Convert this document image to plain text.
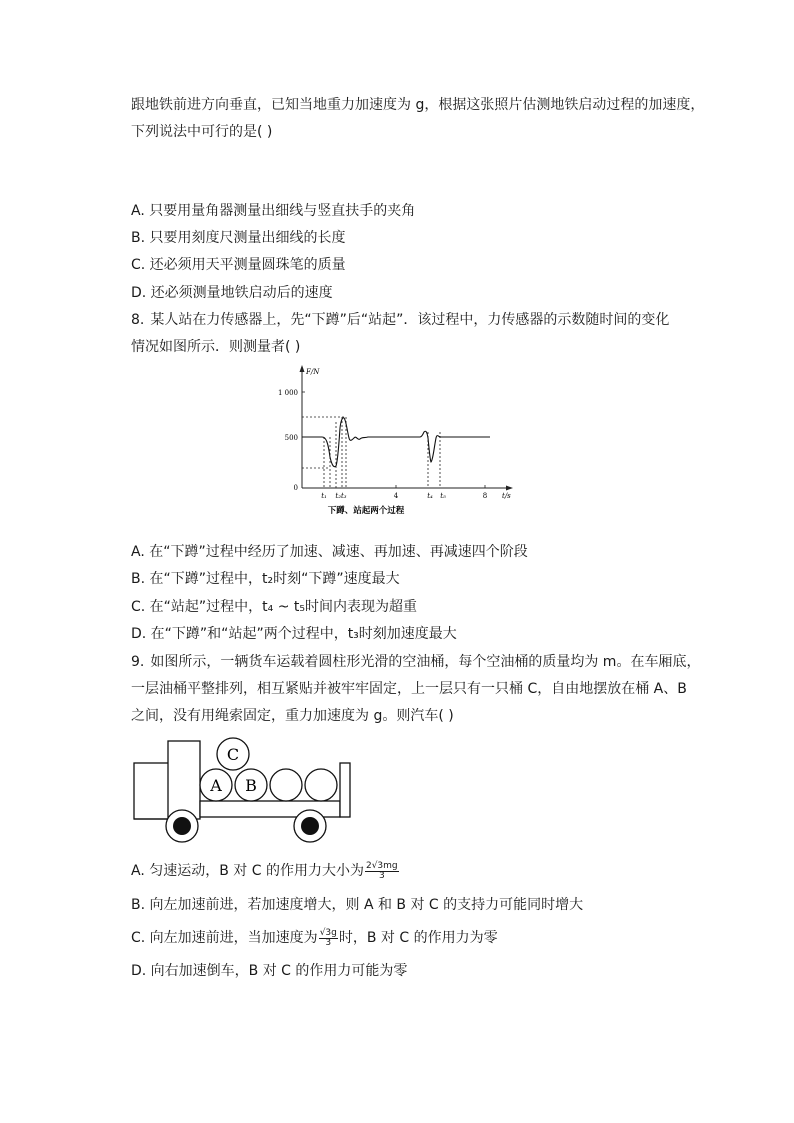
跟地铁前进方向垂直，已知当地重力加速度为 g，根据这张照片估测地铁启动过程的加速度，
下列说法中可行的是( )
A. 只要用量角器测量出细线与竖直扶手的夹角
B. 只要用刻度尺测量出细线的长度
C. 还必须用天平测量圆珠笔的质量
D. 还必须测量地铁启动后的速度
8. 某人站在力传感器上，先“下蹲”后“站起”．该过程中，力传感器的示数随时间的变化
情况如图所示．则测量者( )
F/N
t/s
1 000
500
0
t₁ t₂t₃	4	t₄ t₅	8
下蹲、站起两个过程
A. 在“下蹲”过程中经历了加速、减速、再加速、再减速四个阶段
B. 在“下蹲”过程中，t₂时刻“下蹲”速度最大
C. 在“站起”过程中，t₄ ~ t₅时间内表现为超重
D. 在“下蹲”和“站起”两个过程中，t₃时刻加速度最大
9. 如图所示，一辆货车运载着圆柱形光滑的空油桶，每个空油桶的质量均为 m。在车厢底，
一层油桶平整排列，相互紧贴并被牢牢固定，上一层只有一只桶 C，自由地摆放在桶 A、B
之间，没有用绳索固定，重力加速度为 g。则汽车( )
A B
C
A. 匀速运动，B 对 C 的作用力大小为 $\frac{2√3mg}{3}$
B. 向左加速前进，若加速度增大，则 A 和 B 对 C 的支持力可能同时增大
C. 向左加速前进，当加速度为 $\frac{√3g}{3}$ 时，B 对 C 的作用力为零
D. 向右加速倒车，B 对 C 的作用力可能为零
